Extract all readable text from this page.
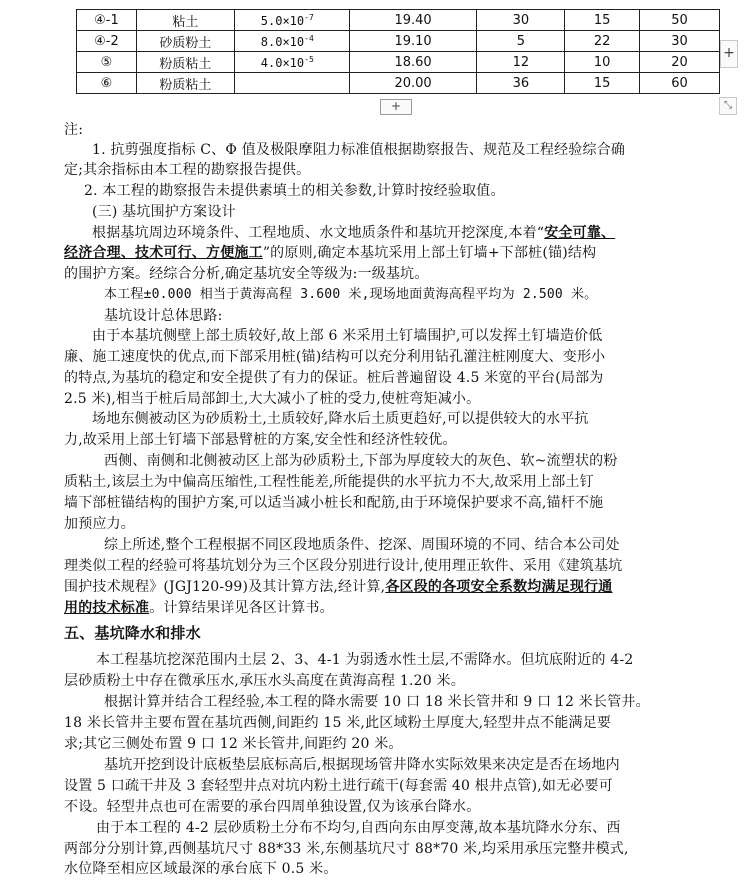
④-1	粘土	$5.0\times 10^{-7}$	19.40	30	15	50
④-2	砂质粉土	$8.0\times 10^{-4}$	19.10	5	22	30
⑤	粉质粘土	$4.0\times 10^{-5}$	18.60	12	10	20
⑥	粉质粘土		20.00	36	15	60
+
+	⤡
注:
1. 抗剪强度指标 C、Φ 值及极限摩阻力标准值根据勘察报告、规范及工程经验综合确
定;其余指标由本工程的勘察报告提供。
2. 本工程的勘察报告未提供素填土的相关参数,计算时按经验取值。
(三) 基坑围护方案设计
根据基坑周边环境条件、工程地质、水文地质条件和基坑开挖深度,本着“安全可靠、
经济合理、技术可行、方便施工”的原则,确定本基坑采用上部土钉墙+下部桩(锚)结构
的围护方案。经综合分析,确定基坑安全等级为:一级基坑。
本工程±0.000 相当于黄海高程 3.600 米,现场地面黄海高程平均为 2.500 米。
基坑设计总体思路:
由于本基坑侧壁上部土质较好,故上部 6 米采用土钉墙围护,可以发挥土钉墙造价低
廉、施工速度快的优点,而下部采用桩(锚)结构可以充分利用钻孔灌注桩刚度大、变形小
的特点,为基坑的稳定和安全提供了有力的保证。桩后普遍留设 4.5 米宽的平台(局部为
2.5 米),相当于桩后局部卸土,大大减小了桩的受力,使桩弯矩减小。
场地东侧被动区为砂质粉土,土质较好,降水后土质更趋好,可以提供较大的水平抗
力,故采用上部土钉墙下部悬臂桩的方案,安全性和经济性较优。
西侧、南侧和北侧被动区上部为砂质粉土,下部为厚度较大的灰色、软~流塑状的粉
质粘土,该层土为中偏高压缩性,工程性能差,所能提供的水平抗力不大,故采用上部土钉
墙下部桩锚结构的围护方案,可以适当减小桩长和配筋,由于环境保护要求不高,锚杆不施
加预应力。
综上所述,整个工程根据不同区段地质条件、挖深、周围环境的不同、结合本公司处
理类似工程的经验可将基坑划分为三个区段分别进行设计,使用理正软件、采用《建筑基坑
围护技术规程》(JGJ120-99)及其计算方法,经计算,各区段的各项安全系数均满足现行通
用的技术标准。计算结果详见各区计算书。
五、基坑降水和排水
本工程基坑挖深范围内土层 2、3、4-1 为弱透水性土层,不需降水。但坑底附近的 4-2
层砂质粉土中存在微承压水,承压水头高度在黄海高程 1.20 米。
根据计算并结合工程经验,本工程的降水需要 10 口 18 米长管井和 9 口 12 米长管井。
18 米长管井主要布置在基坑西侧,间距约 15 米,此区域粉土厚度大,轻型井点不能满足要
求;其它三侧处布置 9 口 12 米长管井,间距约 20 米。
基坑开挖到设计底板垫层底标高后,根据现场管井降水实际效果来决定是否在场地内
设置 5 口疏干井及 3 套轻型井点对坑内粉土进行疏干(每套需 40 根井点管),如无必要可
不设。轻型井点也可在需要的承台四周单独设置,仅为该承台降水。
由于本工程的 4-2 层砂质粉土分布不均匀,自西向东由厚变薄,故本基坑降水分东、西
两部分分别计算,西侧基坑尺寸 88*33 米,东侧基坑尺寸 88*70 米,均采用承压完整井模式,
水位降至相应区域最深的承台底下 0.5 米。
